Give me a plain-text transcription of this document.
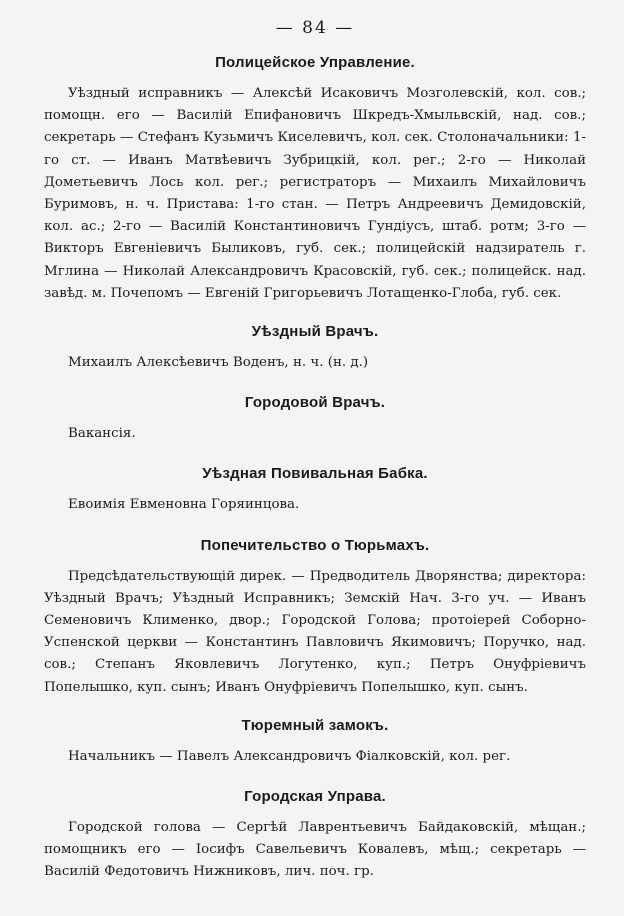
— 84 —
Полицейское Управление.

Уѣздный исправникъ — Алексѣй Исаковичъ Мозголевскій, кол. сов.; помощн. его — Василій Епифановичъ Шкредъ-Хмыльвскій, над. сов.; секретарь — Стефанъ Кузьмичъ Киселевичъ, кол. сек. Столоначальники: 1-го ст. — Иванъ Матвѣевичъ Зубрицкій, кол. рег.; 2-го — Николай Дометьевичъ Лось кол. рег.; регистраторъ — Михаилъ Михайловичъ Буримовъ, н. ч. Пристава: 1-го стан. — Петръ Андреевичъ Демидовскій, кол. ас.; 2-го — Василій Константиновичъ Гундіусъ, штаб. ротм; 3-го — Викторъ Евгеніевичъ Быликовъ, губ. сек.; полицейскій надзиратель г. Мглина — Николай Александровичъ Красовскій, губ. сек.; полицейск. над. завѣд. м. Почепомъ — Евгеній Григорьевичъ Лотащенко-Глоба, губ. сек.

Уѣздный Врачъ.

Михаилъ Алексѣевичъ Воденъ, н. ч. (н. д.)

Городовой Врачъ.

Вакансія.

Уѣздная Повивальная Бабка.

Евоимія Евменовна Горяинцова.

Попечительство о Тюрьмахъ.

Предсѣдательствующій дирек. — Предводитель Дворянства; директора: Уѣздный Врачъ; Уѣздный Исправникъ; Земскій Нач. 3-го уч. — Иванъ Семеновичъ Клименко, двор.; Городской Голова; протоіерей Соборно-Успенской церкви — Константинъ Павловичъ Якимовичъ; Поручко, над. сов.; Степанъ Яковлевичъ Логутенко, куп.; Петръ Онуфріевичъ Попелышко, куп. сынъ; Иванъ Онуфріевичъ Попелышко, куп. сынъ.

Тюремный замокъ.

Начальникъ — Павелъ Александровичъ Фіалковскій, кол. рег.

Городская Управа.

Городской голова — Сергѣй Лаврентьевичъ Байдаковскій, мѣщан.; помощникъ его — Іосифъ Савельевичъ Ковалевъ, мѣщ.; секретарь — Василій Федотовичъ Нижниковъ, лич. поч. гр.
